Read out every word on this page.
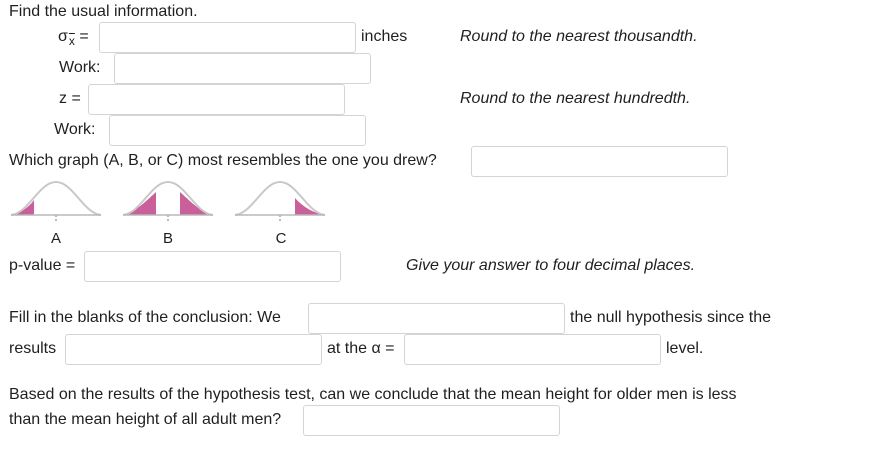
Find the usual information.
$\sigma\overline{x}$ =	inches	Round to the nearest thousandth.
Work:
z =	Round to the nearest hundredth.
Work:
Which graph (A, B, or C) most resembles the one you drew?
A	B	C
p-value =	Give your answer to four decimal places.
Fill in the blanks of the conclusion: We	the null hypothesis since the
results	at the α =	level.
Based on the results of the hypothesis test, can we conclude that the mean height for older men is less
than the mean height of all adult men?
